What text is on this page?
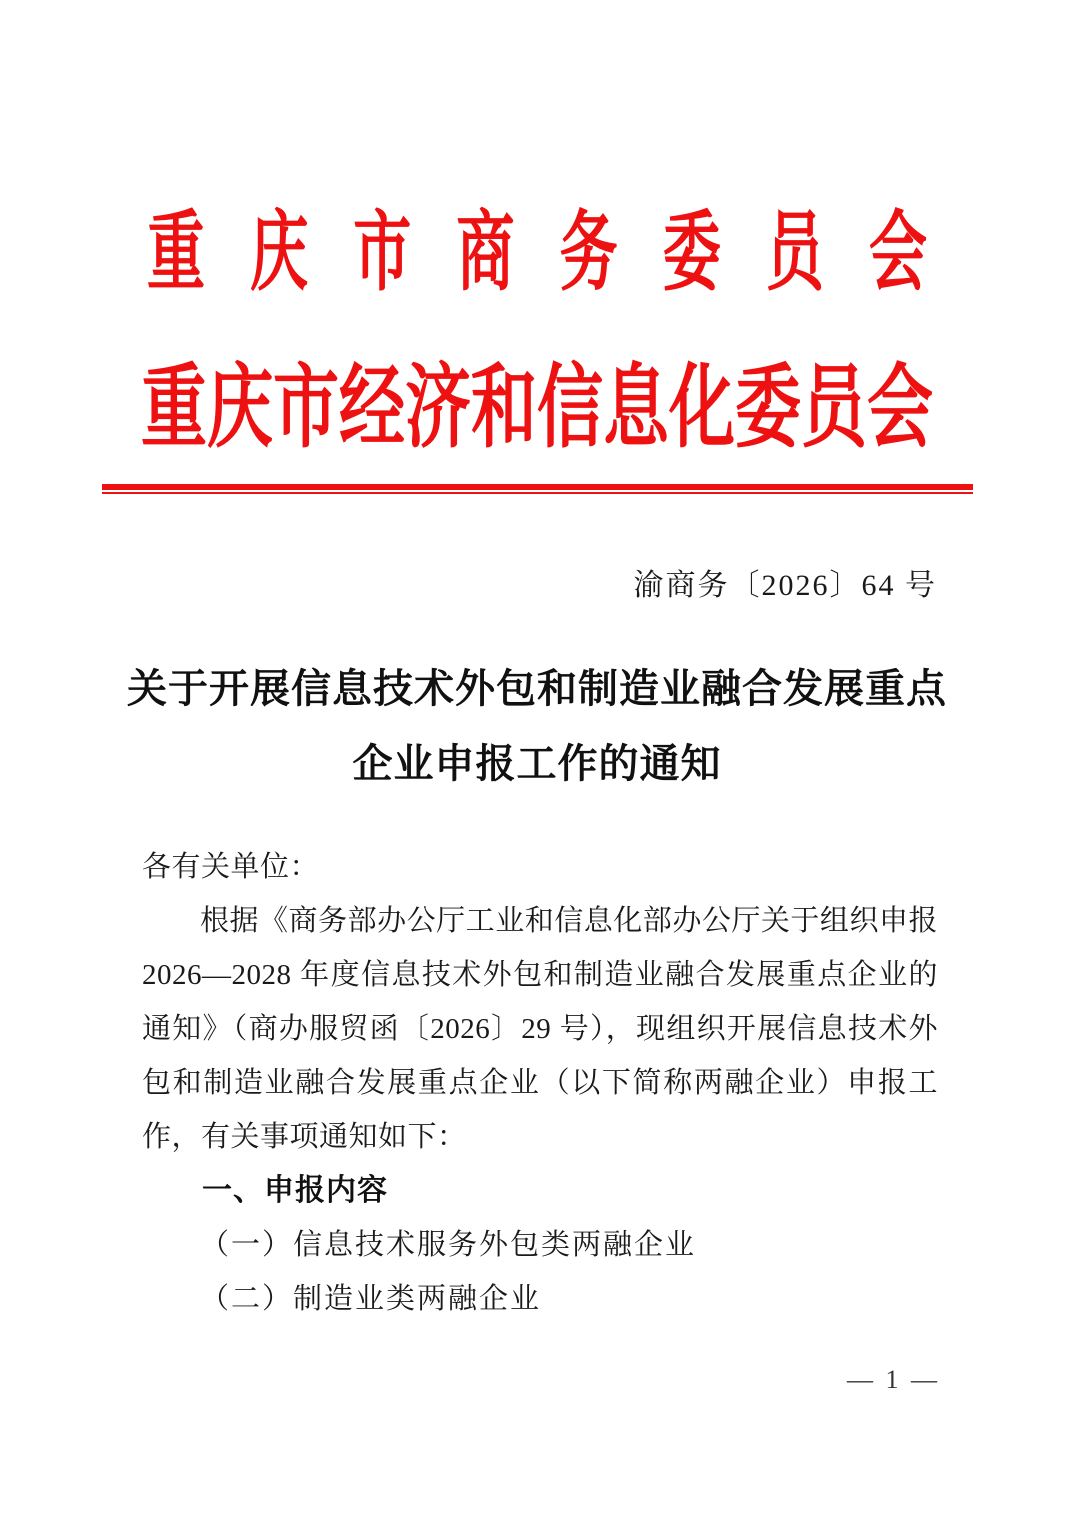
重 庆 市 商 务 委 员 会
重 庆 市 经 济 和 信 息 化 委 员 会
渝商务〔2026〕64 号
关于开展信息技术外包和制造业融合发展重点
企业申报工作的通知

各有关单位：

根据《商务部办公厅工业和信息化部办公厅关于组织申报 2026—2028 年度信息技术外包和制造业融合发展重点企业的通知》（商办服贸函〔2026〕29 号），现组织开展信息技术外包和制造业融合发展重点企业（以下简称两融企业）申报工作，有关事项通知如下：

一、申报内容

（一）信息技术服务外包类两融企业

（二）制造业类两融企业

— 1 —
